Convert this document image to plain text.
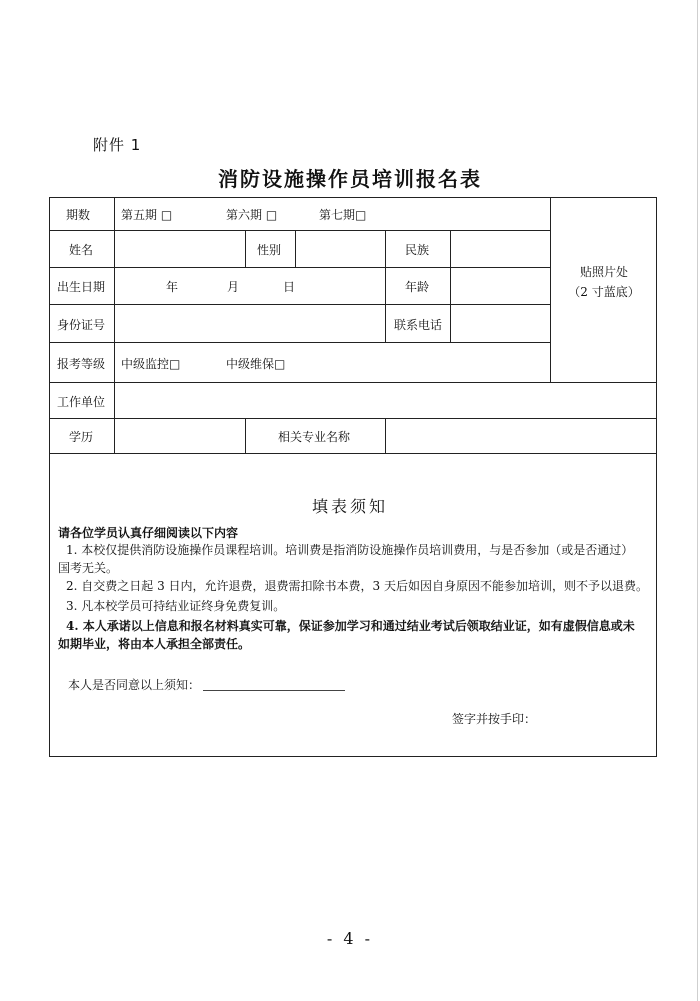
附件 1
消防设施操作员培训报名表
期数	第五期 □	第六期 □	第七期□
姓名	性别	民族
出生日期	年	月	日	年龄
身份证号	联系电话
报考等级 中级监控□	中级维保□
工作单位
学历	相关专业名称
贴照片处
（2 寸蓝底）
填表须知
请各位学员认真仔细阅读以下内容
1. 本校仅提供消防设施操作员课程培训。培训费是指消防设施操作员培训费用，与是否参加（或是否通过）
国考无关。
2. 自交费之日起 3 日内，允许退费，退费需扣除书本费，3 天后如因自身原因不能参加培训，则不予以退费。
3. 凡本校学员可持结业证终身免费复训。
4. 本人承诺以上信息和报名材料真实可靠，保证参加学习和通过结业考试后领取结业证，如有虚假信息或未
如期毕业，将由本人承担全部责任。
本人是否同意以上须知：
签字并按手印：
- 4 -
